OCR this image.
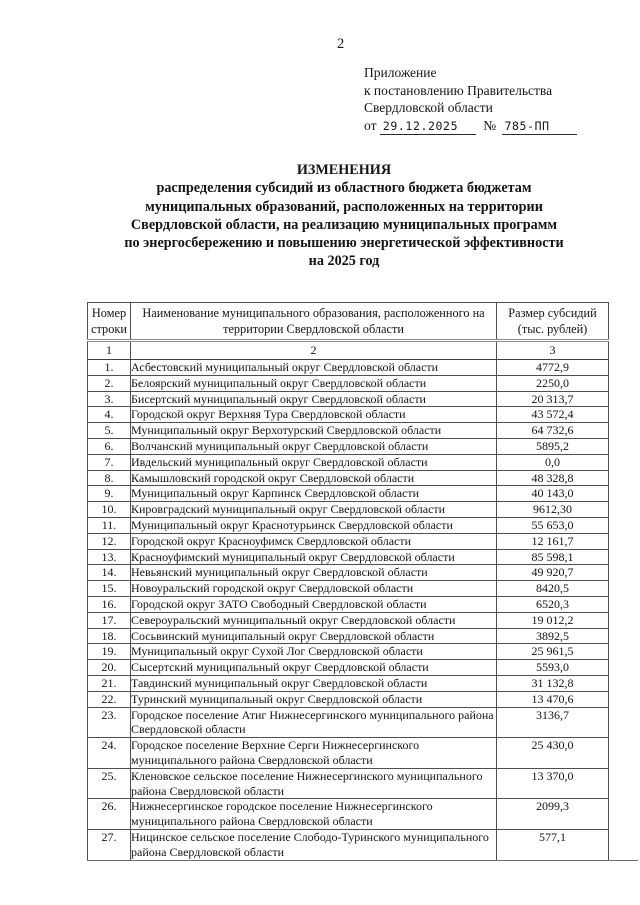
2
Приложение
к постановлению Правительства
Свердловской области
от 29.12.2025 № 785-ПП
ИЗМЕНЕНИЯ
распределения субсидий из областного бюджета бюджетам
муниципальных образований, расположенных на территории
Свердловской области, на реализацию муниципальных программ
по энергосбережению и повышению энергетической эффективности
на 2025 год
Номер строки	Наименование муниципального образования, расположенного на территории Свердловской области	Размер субсидий (тыс. рублей)
1	2	3
1.	Асбестовский муниципальный округ Свердловской области	4772,9
2.	Белоярский муниципальный округ Свердловской области	2250,0
3.	Бисертский муниципальный округ Свердловской области	20 313,7
4.	Городской округ Верхняя Тура Свердловской области	43 572,4
5.	Муниципальный округ Верхотурский Свердловской области	64 732,6
6.	Волчанский муниципальный округ Свердловской области	5895,2
7.	Ивдельский муниципальный округ Свердловской области	0,0
8.	Камышловский городской округ Свердловской области	48 328,8
9.	Муниципальный округ Карпинск Свердловской области	40 143,0
10.	Кировградский муниципальный округ Свердловской области	9612,30
11.	Муниципальный округ Краснотурьинск Свердловской области	55 653,0
12.	Городской округ Красноуфимск Свердловской области	12 161,7
13.	Красноуфимский муниципальный округ Свердловской области	85 598,1
14.	Невьянский муниципальный округ Свердловской области	49 920,7
15.	Новоуральский городской округ Свердловской области	8420,5
16.	Городской округ ЗАТО Свободный Свердловской области	6520,3
17.	Североуральский муниципальный округ Свердловской области	19 012,2
18.	Сосьвинский муниципальный округ Свердловской области	3892,5
19.	Муниципальный округ Сухой Лог Свердловской области	25 961,5
20.	Сысертский муниципальный округ Свердловской области	5593,0
21.	Тавдинский муниципальный округ Свердловской области	31 132,8
22.	Туринский муниципальный округ Свердловской области	13 470,6
23.	Городское поселение Атиг Нижнесергинского муниципального района Свердловской области	3136,7
24.	Городское поселение Верхние Серги Нижнесергинского муниципального района Свердловской области	25 430,0
25.	Кленовское сельское поселение Нижнесергинского муниципального района Свердловской области	13 370,0
26.	Нижнесергинское городское поселение Нижнесергинского муниципального района Свердловской области	2099,3
27.	Ницинское сельское поселение Слободо-Туринского муниципального района Свердловской области	577,1
